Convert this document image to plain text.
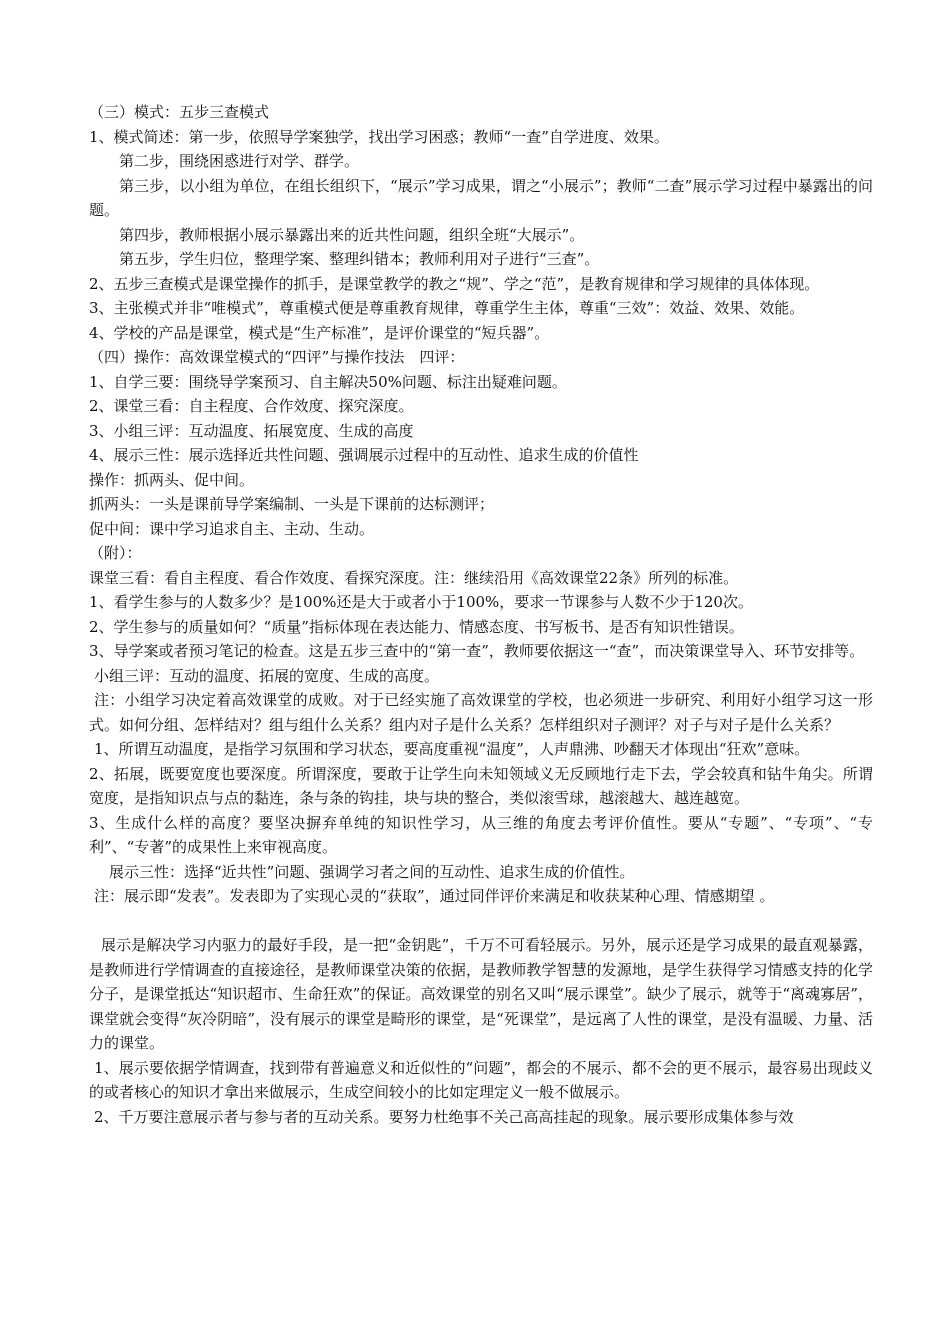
（三）模式：五步三查模式

1、模式简述：第一步，依照导学案独学，找出学习困惑；教师“一查”自学进度、效果。

第二步，围绕困惑进行对学、群学。

第三步，以小组为单位，在组长组织下，“展示”学习成果，谓之“小展示”；教师“二查”展示学习过程中暴露出的问题。

第四步，教师根据小展示暴露出来的近共性问题，组织全班“大展示”。

第五步，学生归位，整理学案、整理纠错本；教师利用对子进行“三查”。

2、五步三查模式是课堂操作的抓手，是课堂教学的教之“规”、学之“范”，是教育规律和学习规律的具体体现。

3、主张模式并非“唯模式”，尊重模式便是尊重教育规律，尊重学生主体，尊重“三效”：效益、效果、效能。

4、学校的产品是课堂，模式是“生产标准”，是评价课堂的“短兵器”。

（四）操作：高效课堂模式的“四评”与操作技法　四评：

1、自学三要：围绕导学案预习、自主解决50%问题、标注出疑难问题。

2、课堂三看：自主程度、合作效度、探究深度。

3、小组三评：互动温度、拓展宽度、生成的高度

4、展示三性：展示选择近共性问题、强调展示过程中的互动性、追求生成的价值性

操作：抓两头、促中间。

抓两头：一头是课前导学案编制、一头是下课前的达标测评；

促中间：课中学习追求自主、主动、生动。

（附）：

课堂三看：看自主程度、看合作效度、看探究深度。注：继续沿用《高效课堂22条》所列的标准。

1、看学生参与的人数多少？是100%还是大于或者小于100%，要求一节课参与人数不少于120次。

2、学生参与的质量如何？“质量”指标体现在表达能力、情感态度、书写板书、是否有知识性错误。

3、导学案或者预习笔记的检查。这是五步三查中的“第一查”，教师要依据这一“查”，而决策课堂导入、环节安排等。

小组三评：互动的温度、拓展的宽度、生成的高度。

注：小组学习决定着高效课堂的成败。对于已经实施了高效课堂的学校，也必须进一步研究、利用好小组学习这一形式。如何分组、怎样结对？组与组什么关系？组内对子是什么关系？怎样组织对子测评？对子与对子是什么关系？

1、所谓互动温度，是指学习氛围和学习状态，要高度重视“温度”，人声鼎沸、吵翻天才体现出“狂欢”意味。

2、拓展，既要宽度也要深度。所谓深度，要敢于让学生向未知领域义无反顾地行走下去，学会较真和钻牛角尖。所谓宽度，是指知识点与点的黏连，条与条的钩挂，块与块的整合，类似滚雪球，越滚越大、越连越宽。

3、生成什么样的高度？要坚决摒弃单纯的知识性学习，从三维的角度去考评价值性。要从“专题”、“专项”、“专利”、“专著”的成果性上来审视高度。

展示三性：选择“近共性”问题、强调学习者之间的互动性、追求生成的价值性。

注：展示即“发表”。发表即为了实现心灵的“获取”，通过同伴评价来满足和收获某种心理、情感期望 。

展示是解决学习内驱力的最好手段，是一把“金钥匙”，千万不可看轻展示。另外，展示还是学习成果的最直观暴露，是教师进行学情调查的直接途径，是教师课堂决策的依据，是教师教学智慧的发源地，是学生获得学习情感支持的化学分子，是课堂抵达“知识超市、生命狂欢”的保证。高效课堂的别名又叫“展示课堂”。缺少了展示，就等于“离魂寡居”，课堂就会变得“灰冷阴暗”，没有展示的课堂是畸形的课堂，是“死课堂”，是远离了人性的课堂，是没有温暖、力量、活力的课堂。

1、展示要依据学情调查，找到带有普遍意义和近似性的“问题”，都会的不展示、都不会的更不展示，最容易出现歧义的或者核心的知识才拿出来做展示，生成空间较小的比如定理定义一般不做展示。

2、千万要注意展示者与参与者的互动关系。要努力杜绝事不关己高高挂起的现象。展示要形成集体参与效
